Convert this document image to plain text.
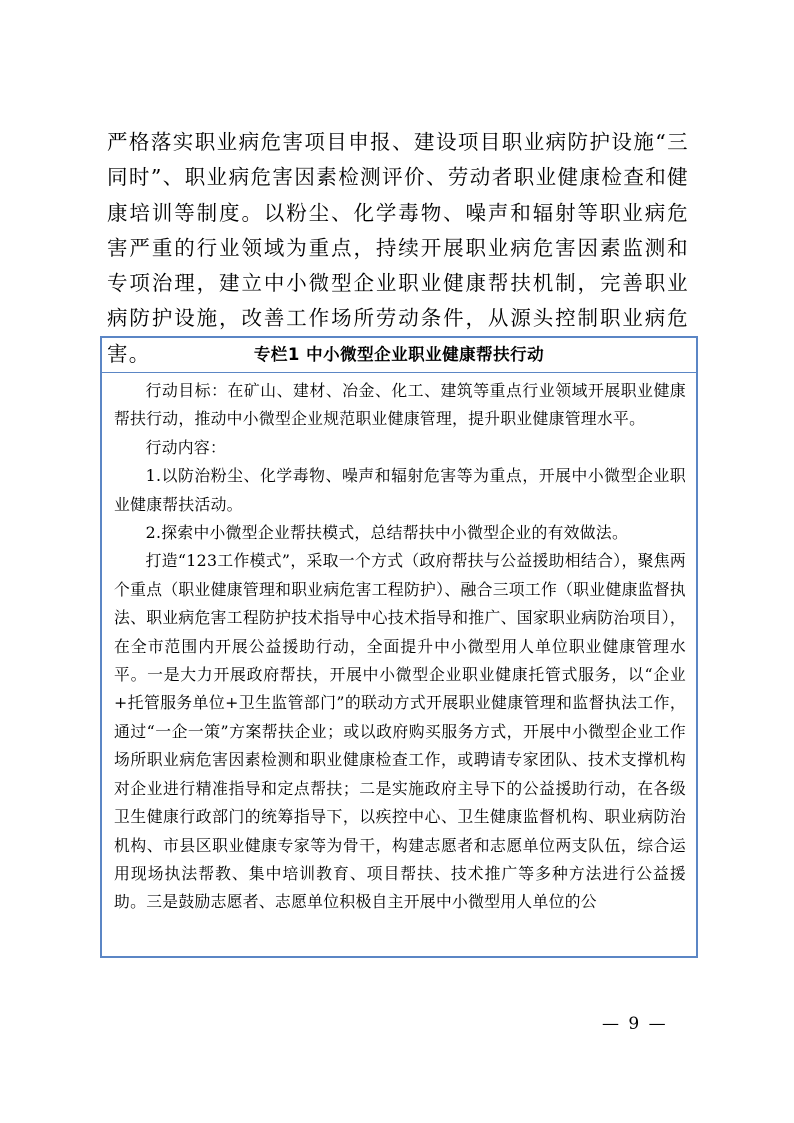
严格落实职业病危害项目申报、建设项目职业病防护设施“三同时”、职业病危害因素检测评价、劳动者职业健康检查和健康培训等制度。以粉尘、化学毒物、噪声和辐射等职业病危害严重的行业领域为重点，持续开展职业病危害因素监测和专项治理，建立中小微型企业职业健康帮扶机制，完善职业病防护设施，改善工作场所劳动条件，从源头控制职业病危害。	专栏1 中小微型企业职业健康帮扶行动

行动目标：在矿山、建材、冶金、化工、建筑等重点行业领域开展职业健康帮扶行动，推动中小微型企业规范职业健康管理，提升职业健康管理水平。

行动内容：

1.以防治粉尘、化学毒物、噪声和辐射危害等为重点，开展中小微型企业职业健康帮扶活动。

2.探索中小微型企业帮扶模式，总结帮扶中小微型企业的有效做法。

打造“123工作模式”，采取一个方式（政府帮扶与公益援助相结合），聚焦两个重点（职业健康管理和职业病危害工程防护）、融合三项工作（职业健康监督执法、职业病危害工程防护技术指导中心技术指导和推广、国家职业病防治项目），在全市范围内开展公益援助行动，全面提升中小微型用人单位职业健康管理水平。一是大力开展政府帮扶，开展中小微型企业职业健康托管式服务，以“企业+托管服务单位+卫生监管部门”的联动方式开展职业健康管理和监督执法工作，通过“一企一策”方案帮扶企业；或以政府购买服务方式，开展中小微型企业工作场所职业病危害因素检测和职业健康检查工作，或聘请专家团队、技术支撑机构对企业进行精准指导和定点帮扶；二是实施政府主导下的公益援助行动，在各级卫生健康行政部门的统筹指导下，以疾控中心、卫生健康监督机构、职业病防治机构、市县区职业健康专家等为骨干，构建志愿者和志愿单位两支队伍，综合运用现场执法帮教、集中培训教育、项目帮扶、技术推广等多种方法进行公益援助。三是鼓励志愿者、志愿单位积极自主开展中小微型用人单位的公

— 9 —
